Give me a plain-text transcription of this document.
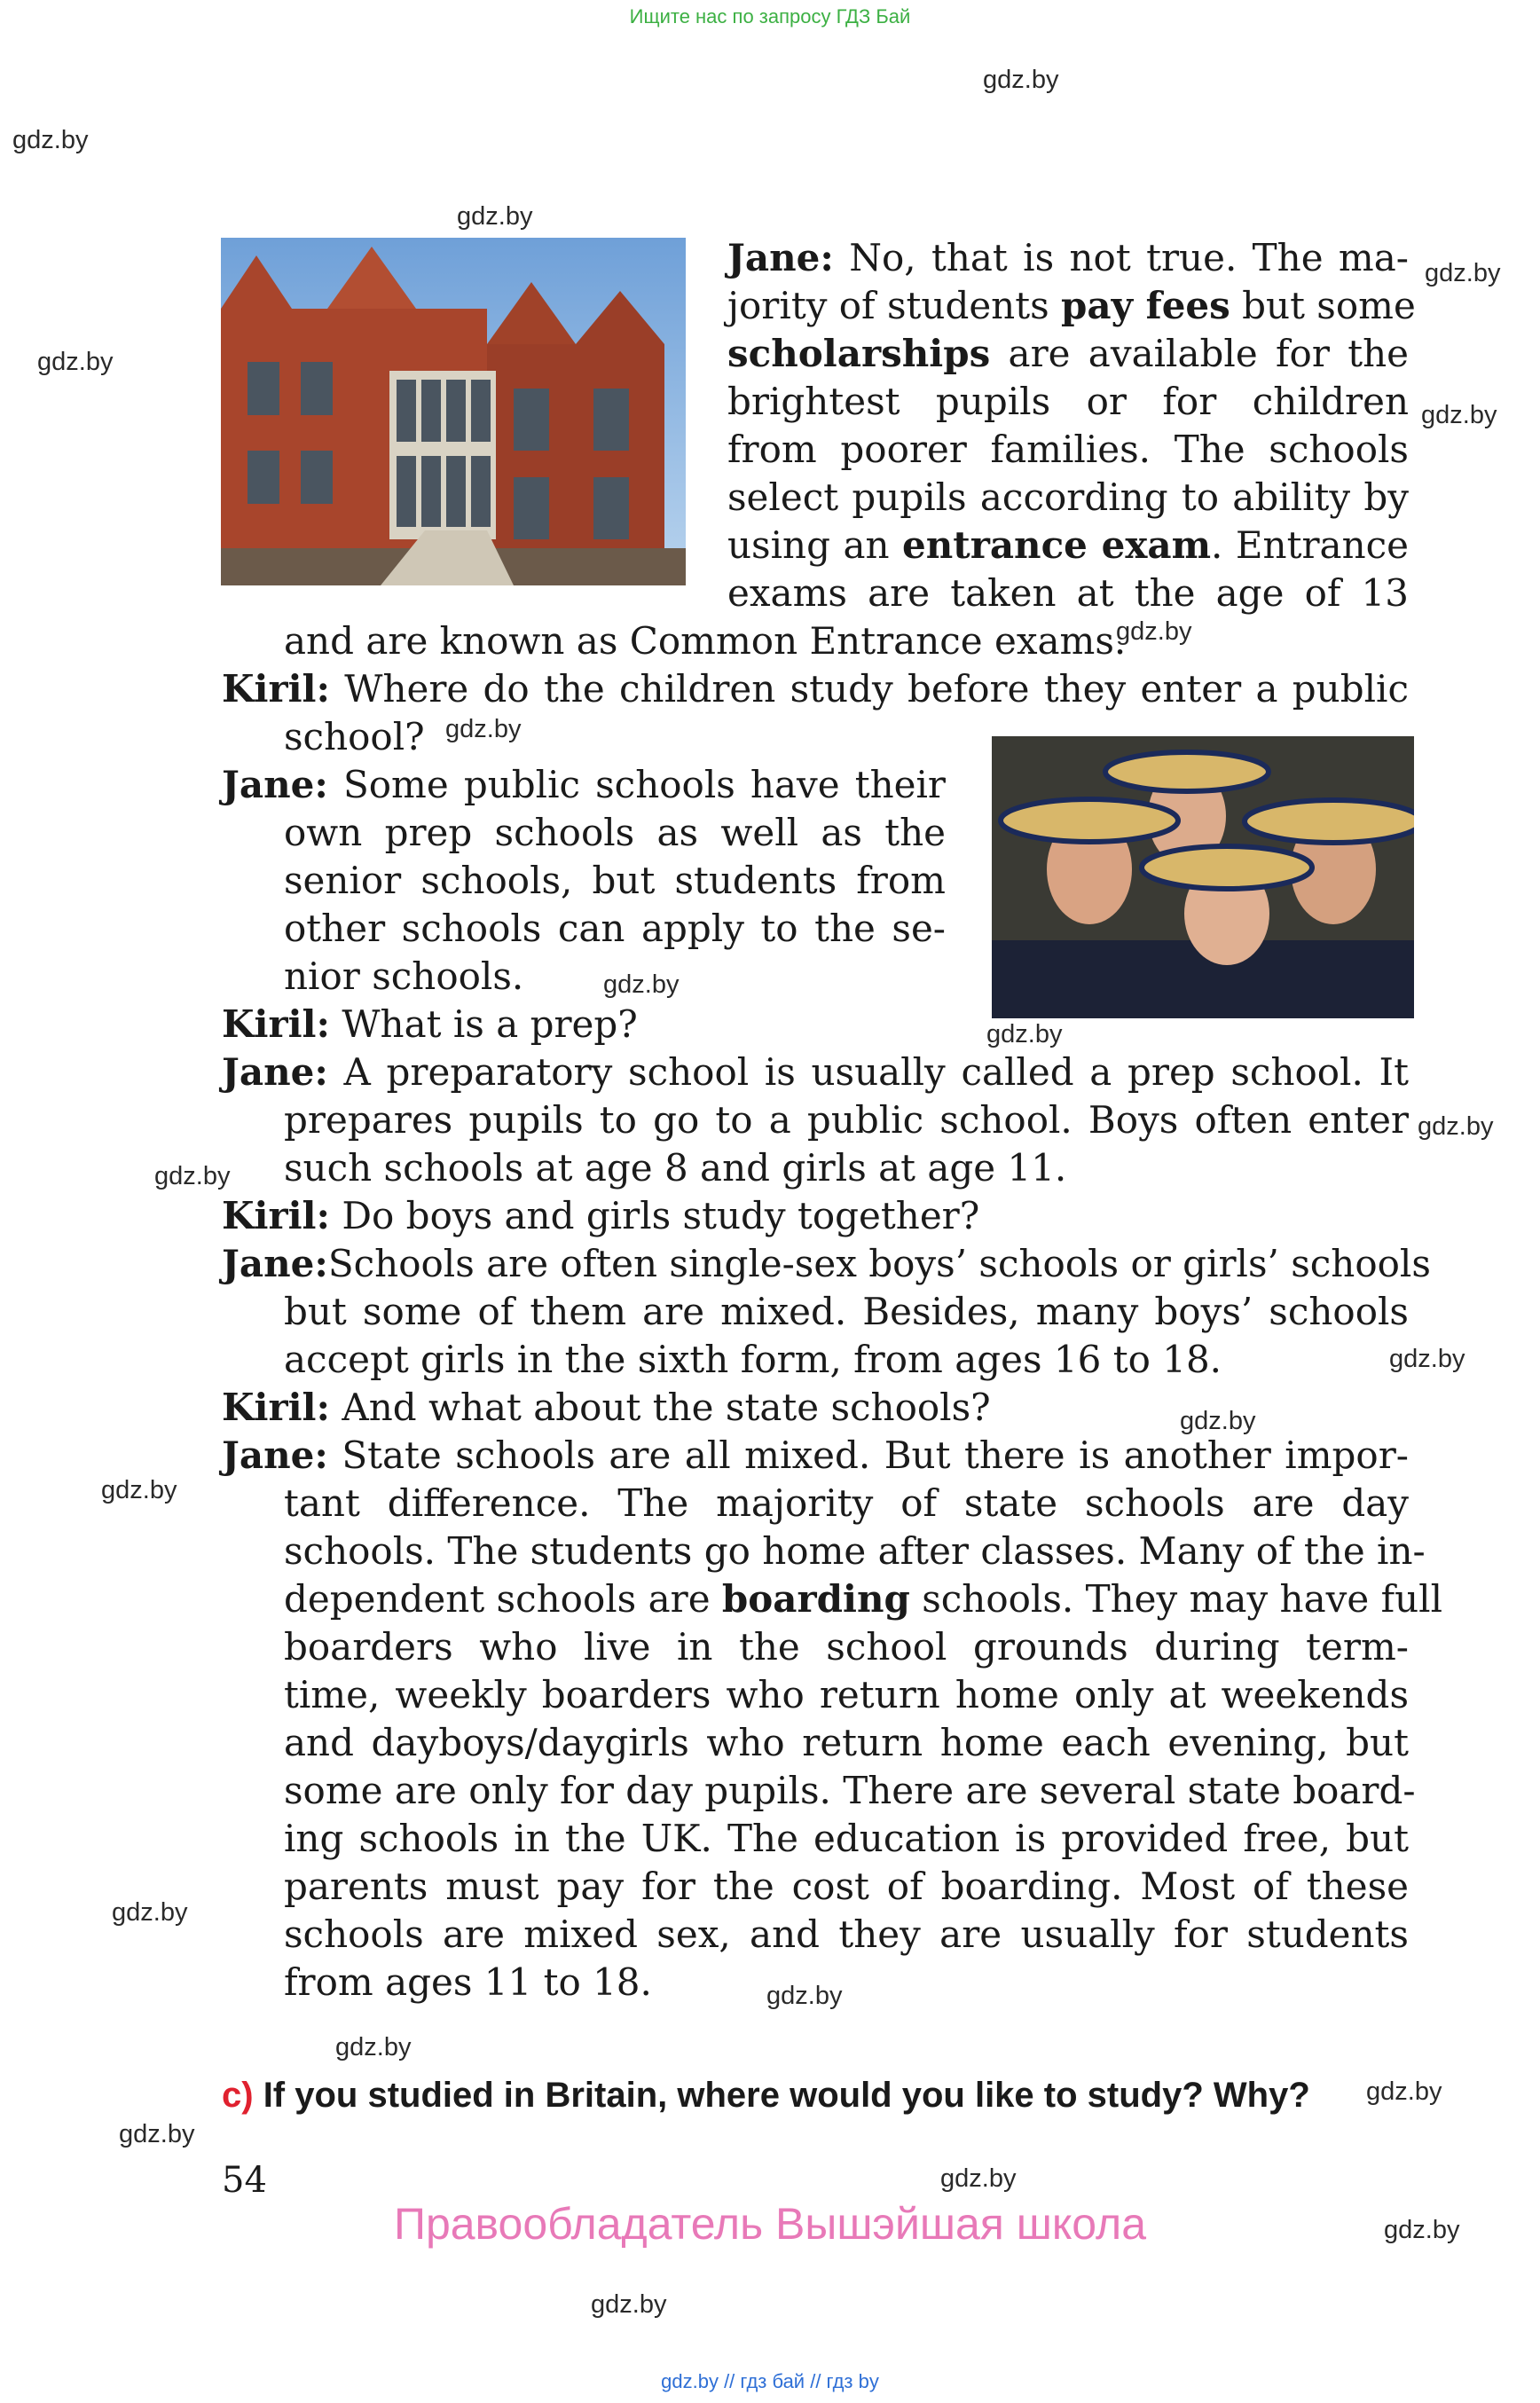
Ищите нас по запросу ГДЗ Бай
gdz.by
gdz.by
gdz.by
gdz.by
gdz.by
gdz.by
gdz.by
gdz.by
gdz.by
gdz.by
gdz.by
gdz.by
gdz.by
gdz.by
gdz.by
gdz.by
gdz.by
gdz.by
gdz.by
gdz.by
gdz.by
gdz.by
gdz.by
Jane: No, that is not true. The ma-
jority of students pay fees but some
scholarships are available for the
brightest pupils or for children
from poorer families. The schools
select pupils according to ability by
using an entrance exam. Entrance
exams are taken at the age of 13
and are known as Common Entrance exams.
Kiril: Where do the children study before they enter a public
school?
Jane: Some public schools have their
own prep schools as well as the
senior schools, but students from
other schools can apply to the se-
nior schools.
Kiril: What is a prep?
Jane: A preparatory school is usually called a prep school. It
prepares pupils to go to a public school. Boys often enter
such schools at age 8 and girls at age 11.
Kiril: Do boys and girls study together?
Jane:Schools are often single-sex boys’ schools or girls’ schools
but some of them are mixed. Besides, many boys’ schools
accept girls in the sixth form, from ages 16 to 18.
Kiril: And what about the state schools?
Jane: State schools are all mixed. But there is another impor-
tant difference. The majority of state schools are day
schools. The students go home after classes. Many of the in-
dependent schools are boarding schools. They may have full
boarders who live in the school grounds during term-
time, weekly boarders who return home only at weekends
and dayboys/daygirls who return home each evening, but
some are only for day pupils. There are several state board-
ing schools in the UK. The education is provided free, but
parents must pay for the cost of boarding. Most of these
schools are mixed sex, and they are usually for students
from ages 11 to 18.
c) If you studied in Britain, where would you like to study? Why?
54
Правообладатель Вышэйшая школа
gdz.by // гдз бай // гдз by
